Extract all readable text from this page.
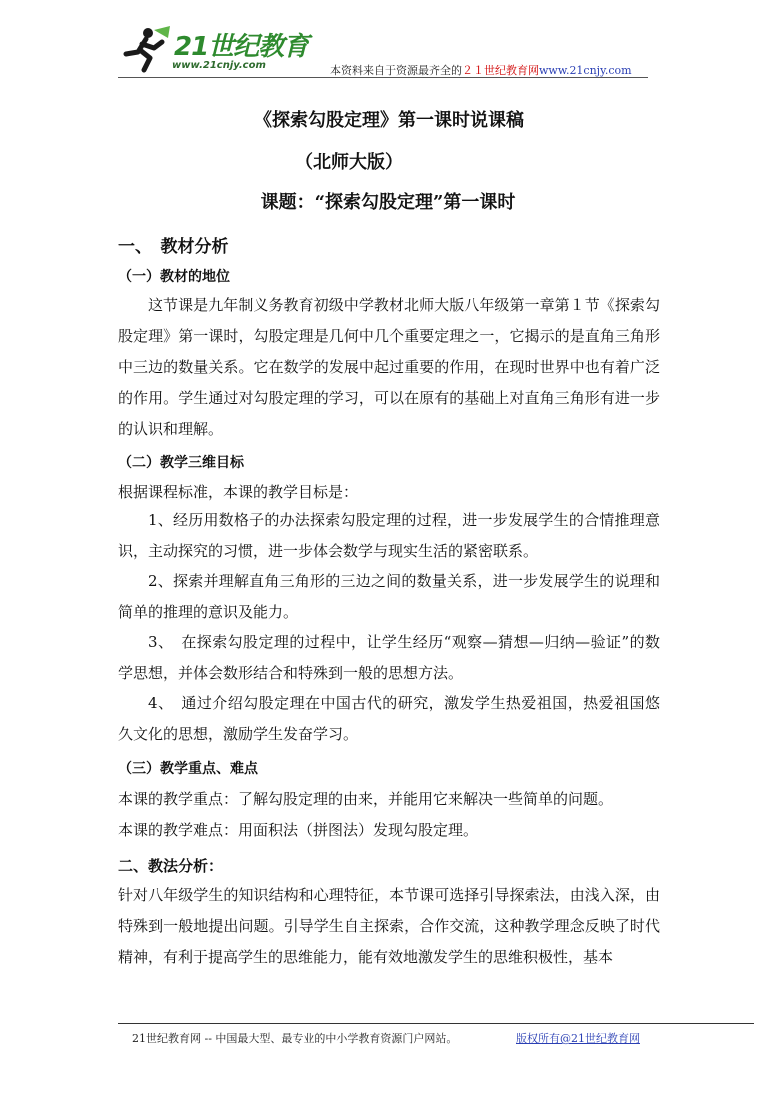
21世纪教育
www.21cnjy.com	本资料来自于资源最齐全的２１世纪教育网www.21cnjy.com
《探索勾股定理》第一课时说课稿
（北师大版）
课题：“探索勾股定理”第一课时
一、　教材分析
（一）教材的地位

这节课是九年制义务教育初级中学教材北师大版八年级第一章第１节《探索勾股定理》第一课时，勾股定理是几何中几个重要定理之一，它揭示的是直角三角形中三边的数量关系。它在数学的发展中起过重要的作用，在现时世界中也有着广泛的作用。学生通过对勾股定理的学习，可以在原有的基础上对直角三角形有进一步的认识和理解。

（二）教学三维目标
根据课程标准，本课的教学目标是：

1、经历用数格子的办法探索勾股定理的过程，进一步发展学生的合情推理意识，主动探究的习惯，进一步体会数学与现实生活的紧密联系。

2、探索并理解直角三角形的三边之间的数量关系，进一步发展学生的说理和简单的推理的意识及能力。

3、　在探索勾股定理的过程中，让学生经历“观察—猜想—归纳—验证”的数学思想，并体会数形结合和特殊到一般的思想方法。

4、　通过介绍勾股定理在中国古代的研究，激发学生热爱祖国，热爱祖国悠久文化的思想，激励学生发奋学习。

（三）教学重点、难点
本课的教学重点：了解勾股定理的由来，并能用它来解决一些简单的问题。
本课的教学难点：用面积法（拼图法）发现勾股定理。
二、教法分析：

针对八年级学生的知识结构和心理特征，本节课可选择引导探索法，由浅入深，由特殊到一般地提出问题。引导学生自主探索，合作交流，这种教学理念反映了时代精神，有利于提高学生的思维能力，能有效地激发学生的思维积极性，基本

21世纪教育网 -- 中国最大型、最专业的中小学教育资源门户网站。	版权所有@21世纪教育网
